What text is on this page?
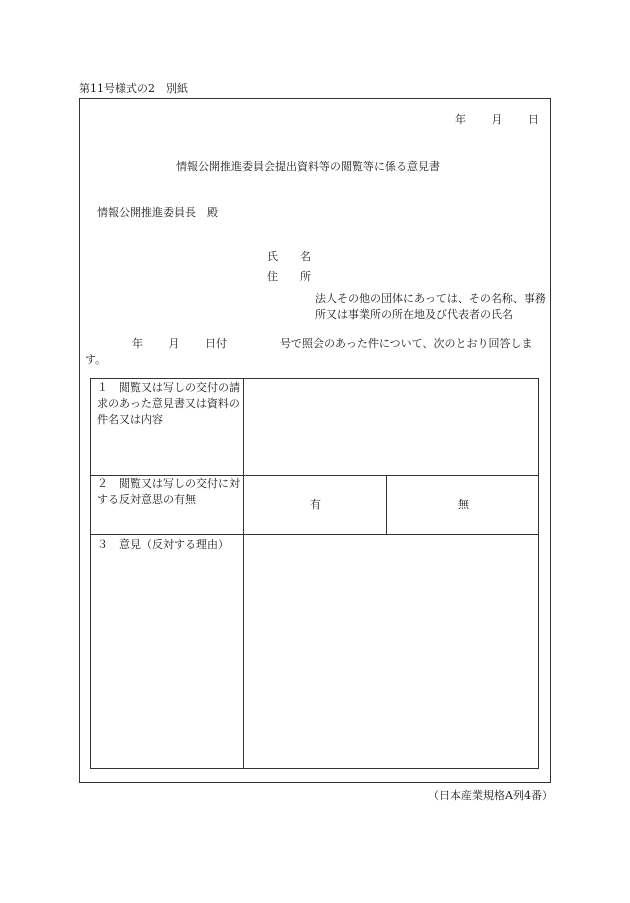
第11号様式の2　別紙
年 月 日
情報公開推進委員会提出資料等の閲覧等に係る意見書
情報公開推進委員長　殿
氏　　名
住　　所
法人その他の団体にあっては、その名称、事務所又は事業所の所在地及び代表者の氏名
年 月 日付	号で照会のあった件について、次のとおり回答しま
す。
１　閲覧又は写しの交付の請求のあった意見書又は資料の件名又は内容
２　閲覧又は写しの交付に対する反対意思の有無	有	無
３　意見（反対する理由）
（日本産業規格A列4番）
